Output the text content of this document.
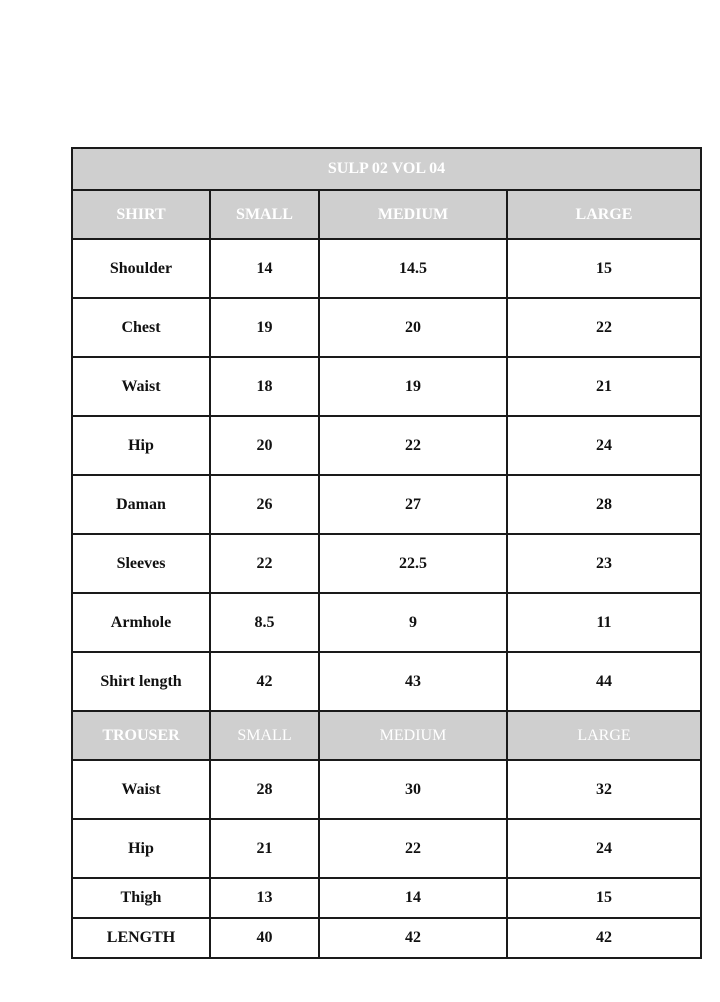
SULP 02 VOL 04			
SHIRT	SMALL	MEDIUM	LARGE
Shoulder	14	14.5	15
Chest	19	20	22
Waist	18	19	21
Hip	20	22	24
Daman	26	27	28
Sleeves	22	22.5	23
Armhole	8.5	9	11
Shirt length	42	43	44
TROUSER	SMALL	MEDIUM	LARGE
Waist	28	30	32
Hip	21	22	24
Thigh	13	14	15
LENGTH	40	42	42
